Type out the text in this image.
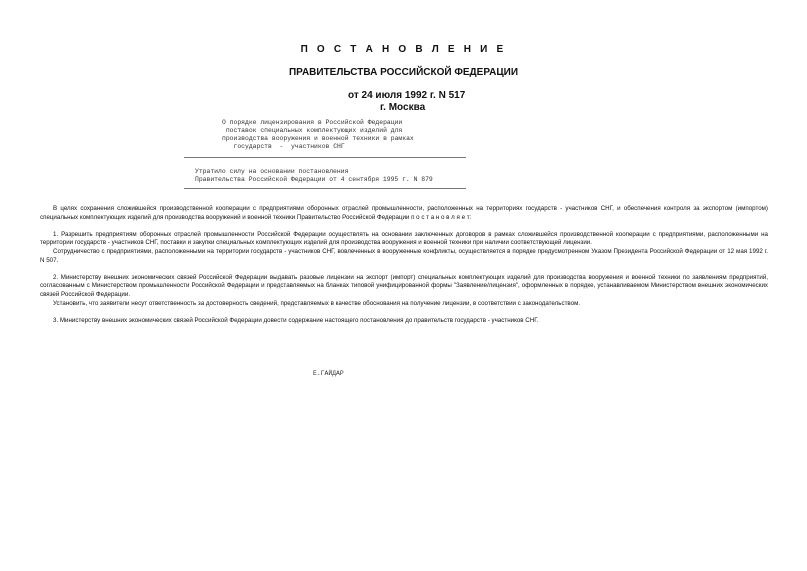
П О С Т А Н О В Л Е Н И Е
ПРАВИТЕЛЬСТВА РОССИЙСКОЙ ФЕДЕРАЦИИ
от 24 июля 1992 г. N 517
г. Москва
О порядке лицензирования в Российской Федерации
поставок специальных комплектующих изделий для
производства вооружения и военной техники в рамках
государств  -  участников СНГ
Утратило силу на основании постановления
Правительства Российской Федерации от 4 сентября 1995 г. N 879

В целях сохранения сложившейся производственной кооперации с предприятиями оборонных отраслей промышленности, расположенных на территориях государств - участников СНГ, и обеспечения контроля за экспортом (импортом) специальных комплектующих изделий для производства вооружений и военной техники Правительство Российской Федерации п о с т а н о в л я е т:

1. Разрешить предприятиям оборонных отраслей промышленности Российской Федерации осуществлять на основании заключенных договоров в рамках сложившейся производственной кооперации с предприятиями, расположенными на территории государств - участников СНГ, поставки и закупки специальных комплектующих изделий для производства вооружения и военной техники при наличии соответствующей лицензии.

Сотрудничество с предприятиями, расположенными на территории государств - участников СНГ, вовлеченных в вооруженные конфликты, осуществляется в порядке предусмотренном Указом Президента Российской Федерации от 12 мая 1992 г. N 507.

2. Министерству внешних экономических связей Российской Федерации выдавать разовые лицензии на экспорт (импорт) специальных комплектующих изделий для производства вооружения и военной техники по заявлениям предприятий, согласованным с Министерством промышленности Российской Федерации и представляемых на бланках типовой унифицированной формы "Заявление/лицензия", оформленных в порядке, устанавливаемом Министерством внешних экономических связей Российской Федерации.

Установить, что заявители несут ответственность за достоверность сведений, представляемых в качестве обоснования на получение лицензии, в соответствии с законодательством.

3. Министерству внешних экономических связей Российской Федерации довести содержание настоящего постановления до правительств государств - участников СНГ.

Е.ГАЙДАР
